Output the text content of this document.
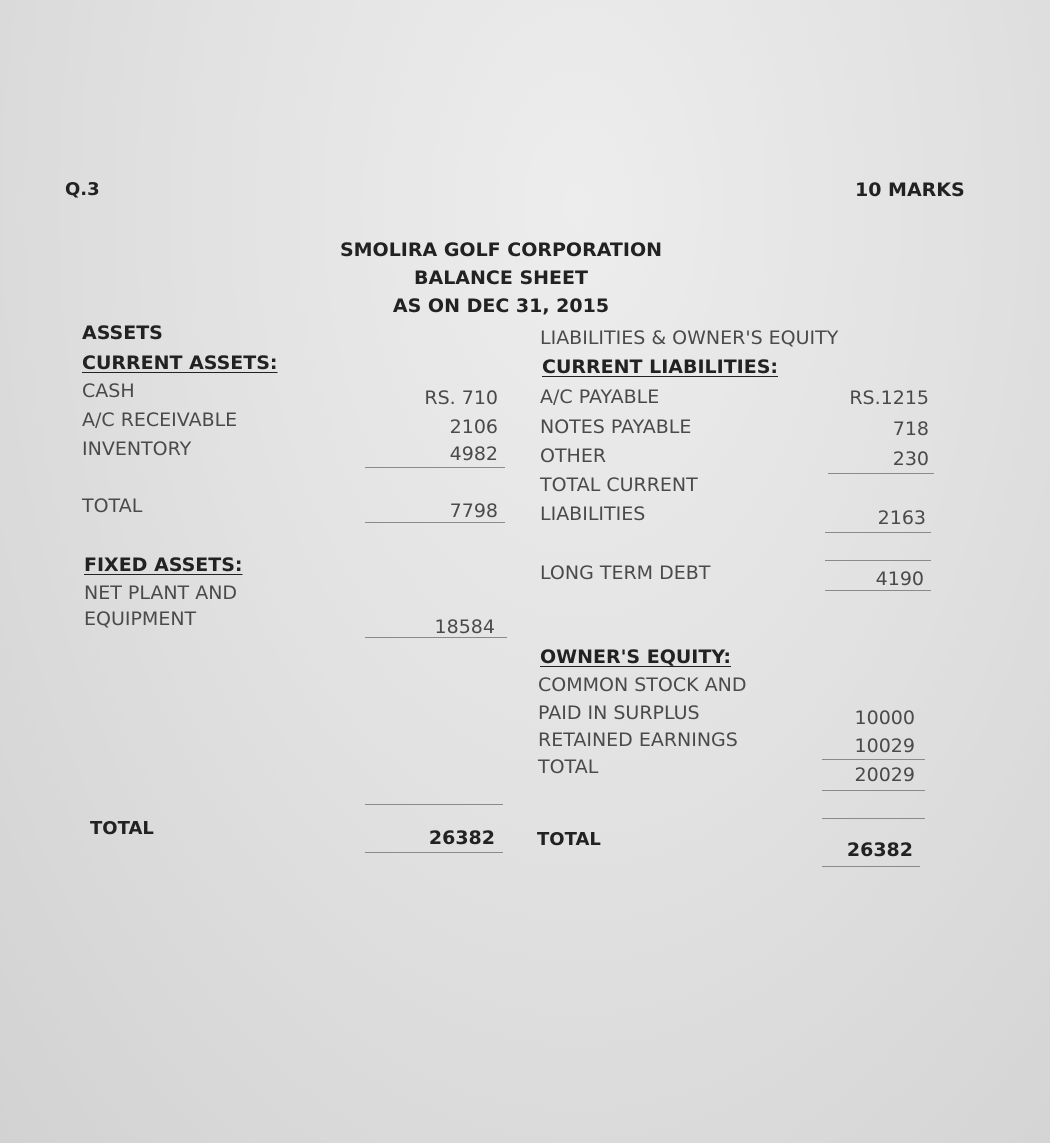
Q.3	10 MARKS
SMOLIRA GOLF CORPORATION
BALANCE SHEET
AS ON DEC 31, 2015
ASSETS
CURRENT ASSETS:
CASH
A/C RECEIVABLE
INVENTORY
TOTAL
FIXED ASSETS:
NET PLANT AND
EQUIPMENT
TOTAL
RS. 710
2106
4982
7798
18584
26382
LIABILITIES & OWNER'S EQUITY
CURRENT LIABILITIES:
A/C PAYABLE
NOTES PAYABLE
OTHER
TOTAL CURRENT
LIABILITIES
LONG TERM DEBT
OWNER'S EQUITY:
COMMON STOCK AND
PAID IN SURPLUS
RETAINED EARNINGS
TOTAL
TOTAL
RS.1215
718
230
2163
4190
10000
10029
20029
26382
